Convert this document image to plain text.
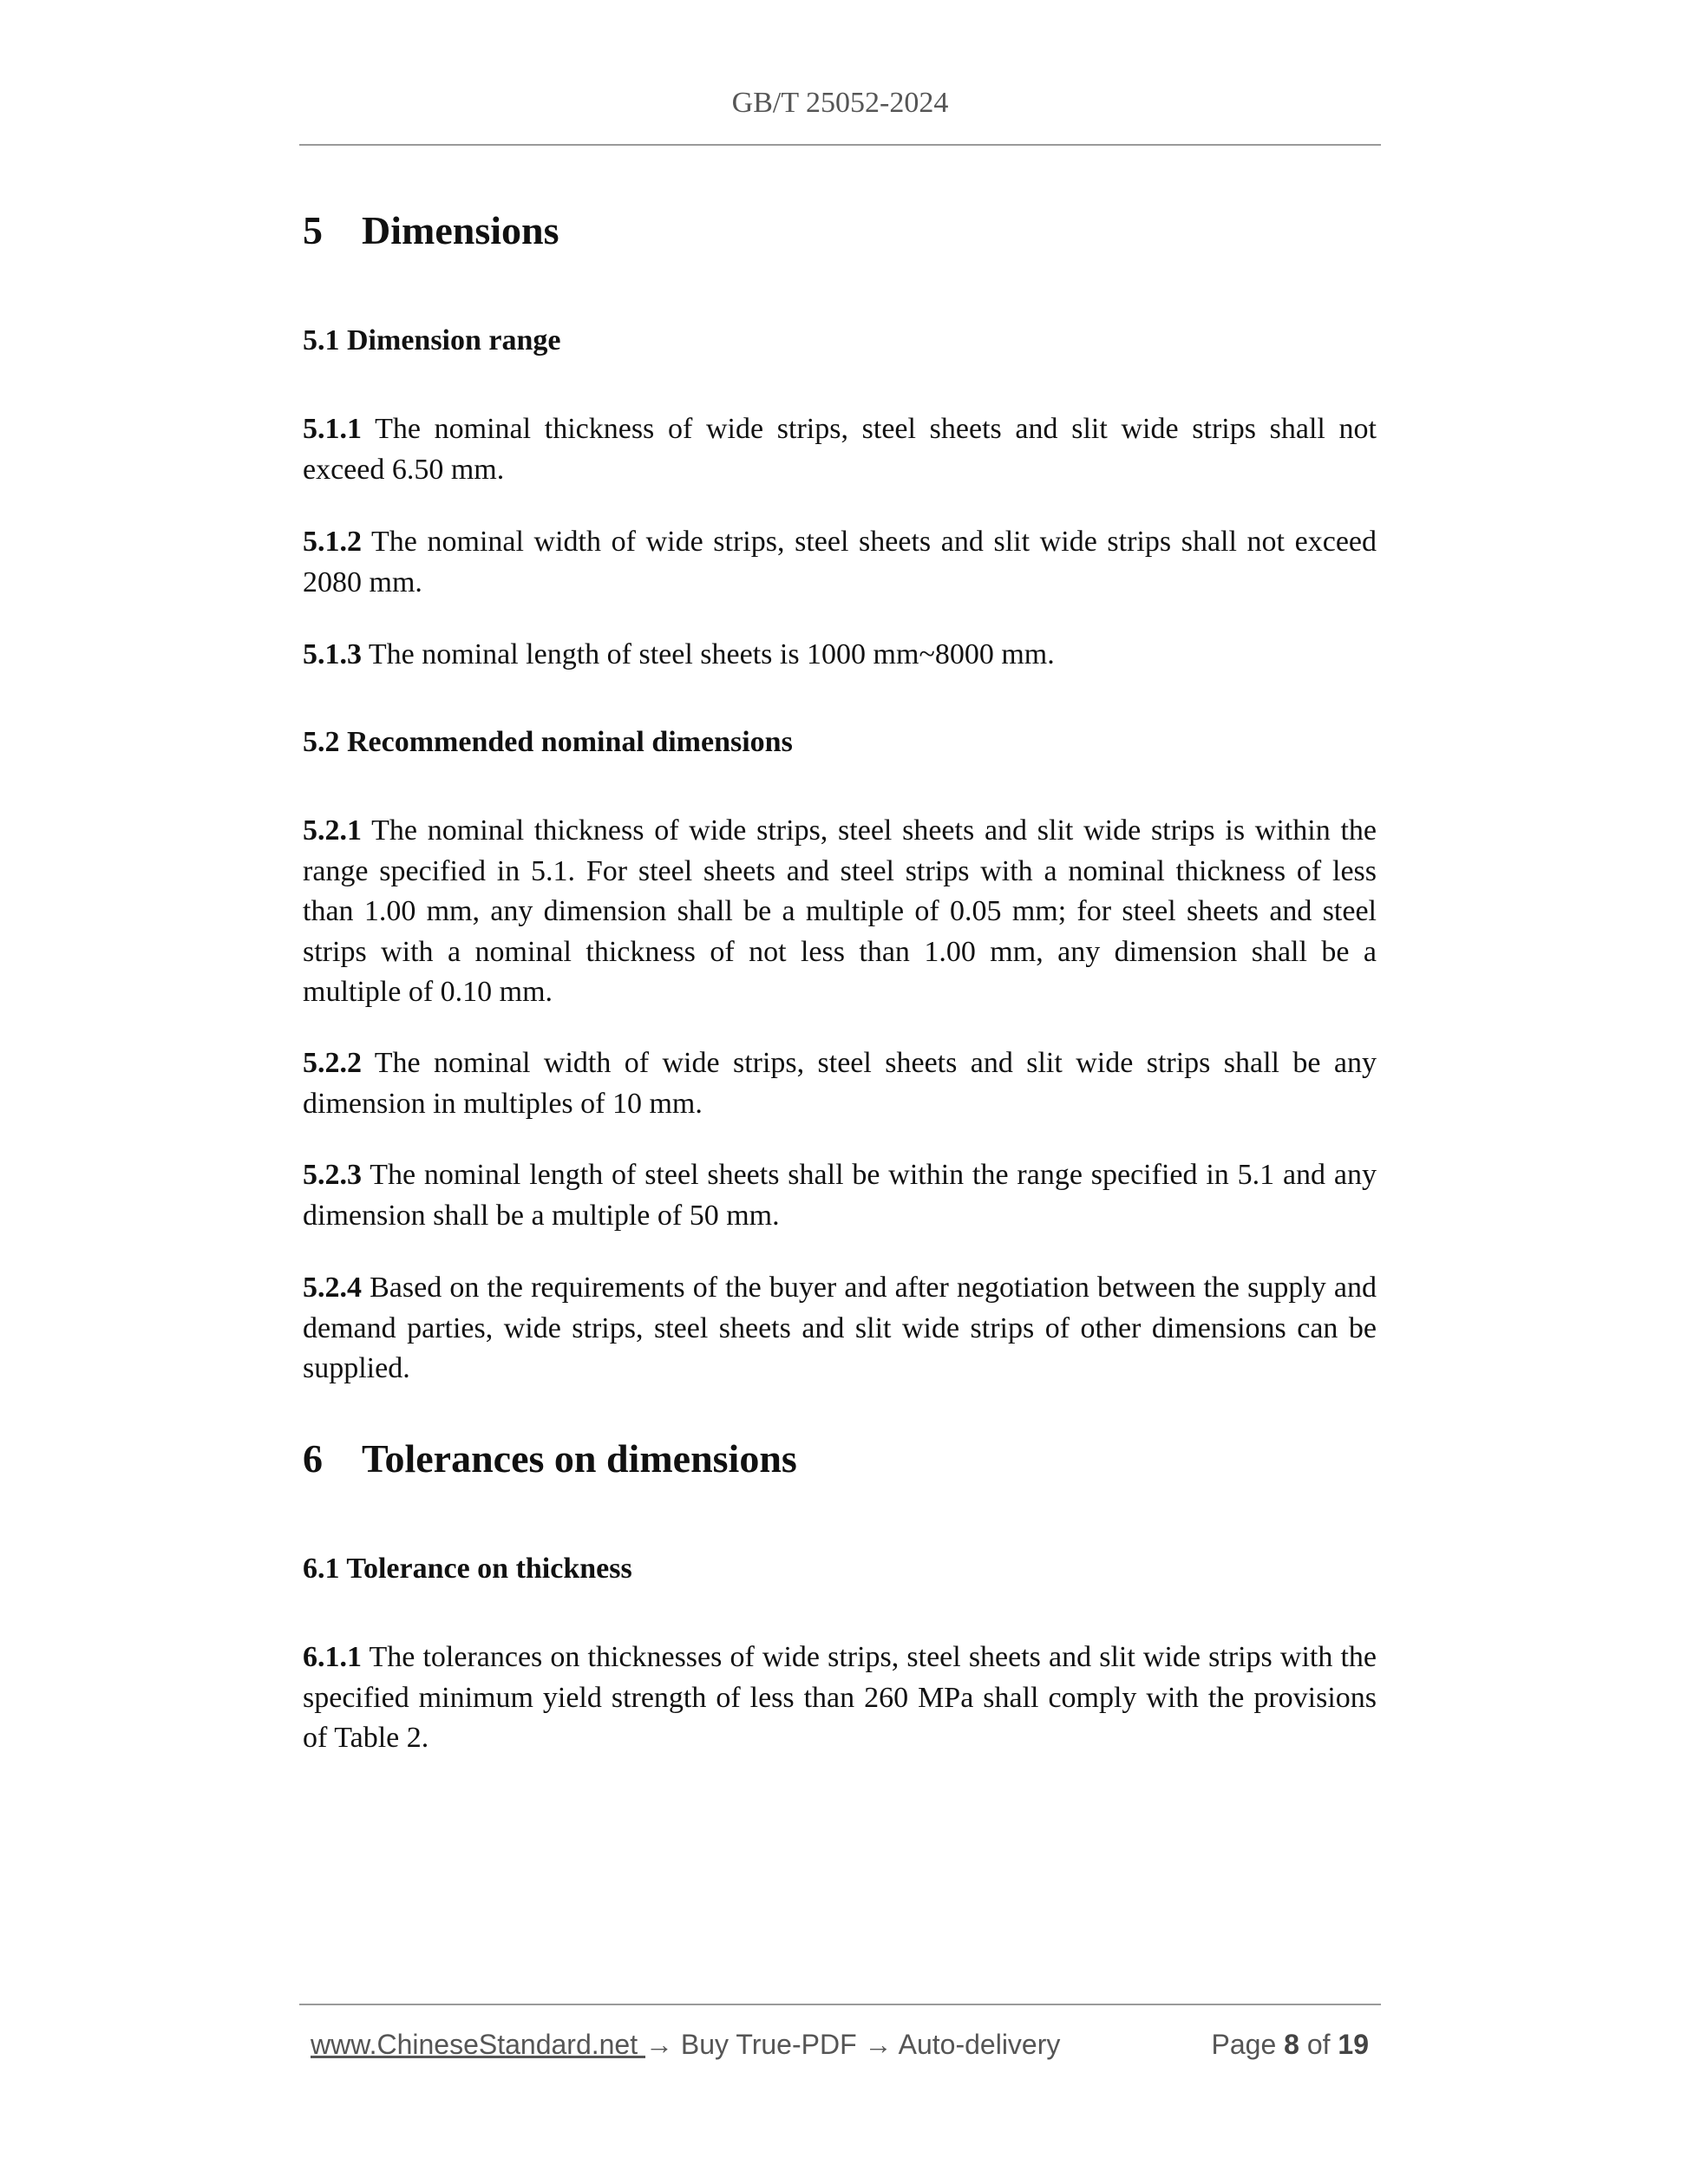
GB/T 25052-2024
5 Dimensions
5.1 Dimension range
5.1.1 The nominal thickness of wide strips, steel sheets and slit wide strips shall not exceed 6.50 mm.
5.1.2 The nominal width of wide strips, steel sheets and slit wide strips shall not exceed 2080 mm.
5.1.3 The nominal length of steel sheets is 1000 mm~8000 mm.
5.2 Recommended nominal dimensions
5.2.1 The nominal thickness of wide strips, steel sheets and slit wide strips is within the range specified in 5.1. For steel sheets and steel strips with a nominal thickness of less than 1.00 mm, any dimension shall be a multiple of 0.05 mm; for steel sheets and steel strips with a nominal thickness of not less than 1.00 mm, any dimension shall be a multiple of 0.10 mm.
5.2.2 The nominal width of wide strips, steel sheets and slit wide strips shall be any dimension in multiples of 10 mm.
5.2.3 The nominal length of steel sheets shall be within the range specified in 5.1 and any dimension shall be a multiple of 50 mm.
5.2.4 Based on the requirements of the buyer and after negotiation between the supply and demand parties, wide strips, steel sheets and slit wide strips of other dimensions can be supplied.
6 Tolerances on dimensions
6.1 Tolerance on thickness
6.1.1 The tolerances on thicknesses of wide strips, steel sheets and slit wide strips with the specified minimum yield strength of less than 260 MPa shall comply with the provisions of Table 2.
www.ChineseStandard.net → Buy True-PDF → Auto-delivery	Page 8 of 19
